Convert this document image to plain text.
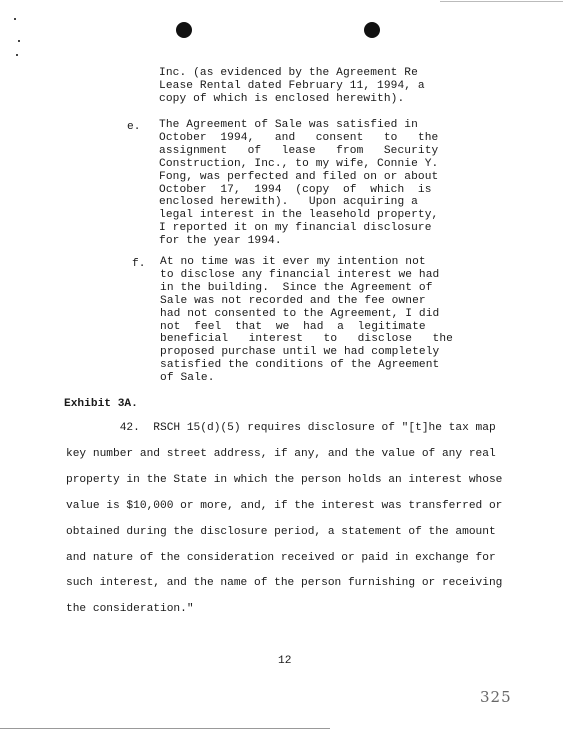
Inc. (as evidenced by the Agreement Re
Lease Rental dated February 11, 1994, a
copy of which is enclosed herewith).
e. The Agreement of Sale was satisfied in
October  1994,   and   consent   to   the
assignment   of   lease   from   Security
Construction, Inc., to my wife, Connie Y.
Fong, was perfected and filed on or about
October  17,  1994  (copy  of  which  is
enclosed herewith).   Upon acquiring a
legal interest in the leasehold property,
I reported it on my financial disclosure
for the year 1994.
f. At no time was it ever my intention not
to disclose any financial interest we had
in the building.  Since the Agreement of
Sale was not recorded and the fee owner
had not consented to the Agreement, I did
not  feel  that  we  had  a  legitimate
beneficial   interest   to   disclose   the
proposed purchase until we had completely
satisfied the conditions of the Agreement
of Sale.
Exhibit 3A.
42.  RSCH 15(d)(5) requires disclosure of "[t]he tax map
key number and street address, if any, and the value of any real
property in the State in which the person holds an interest whose
value is $10,000 or more, and, if the interest was transferred or
obtained during the disclosure period, a statement of the amount
and nature of the consideration received or paid in exchange for
such interest, and the name of the person furnishing or receiving
the consideration."
12
325
